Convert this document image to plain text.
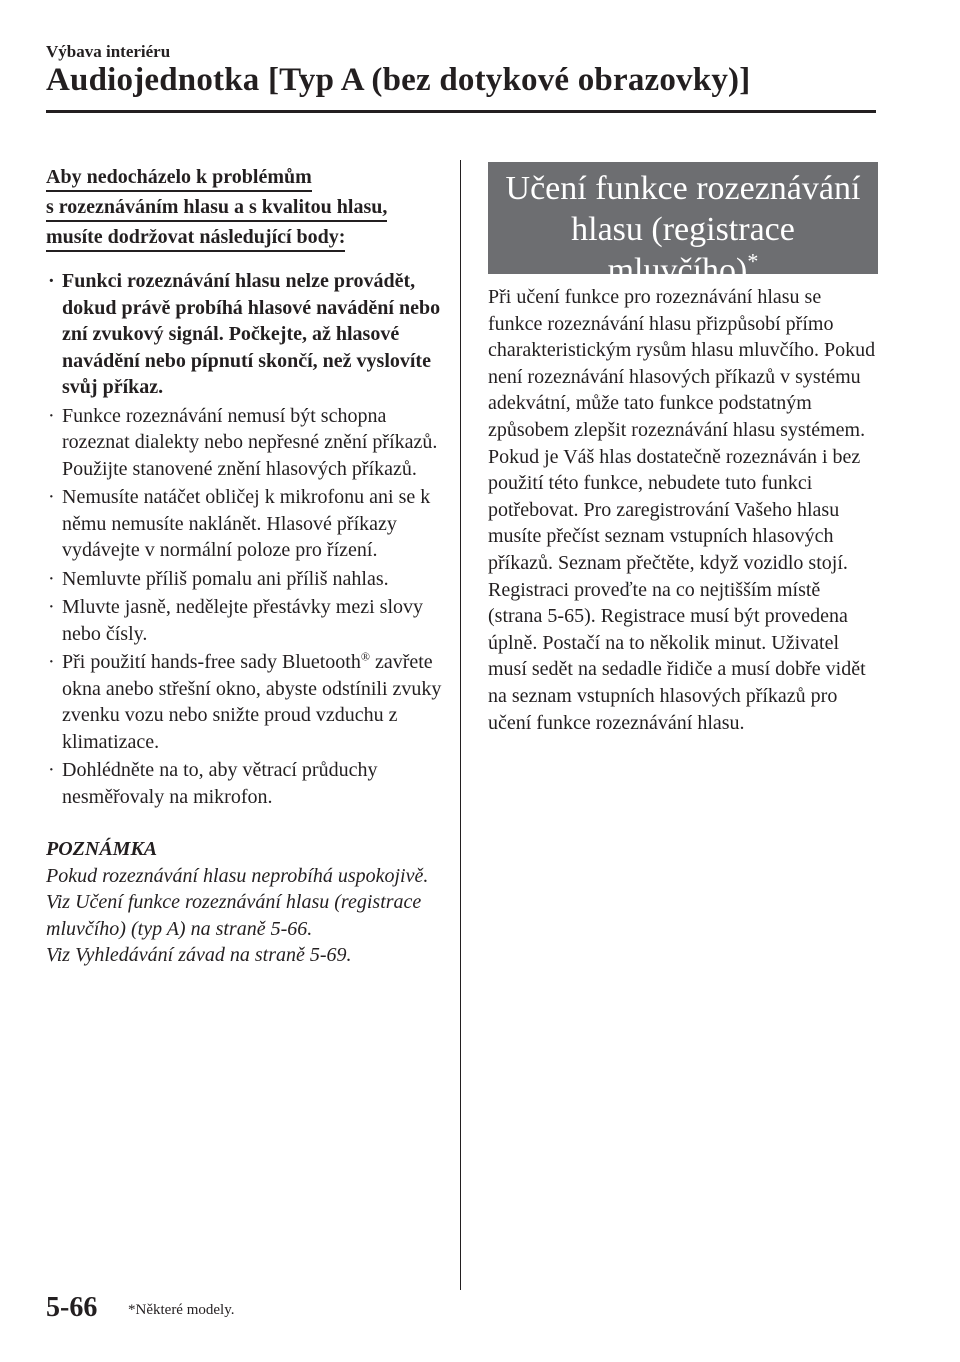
Výbava interiéru
Audiojednotka [Typ A (bez dotykové obrazovky)]
Aby nedocházelo k problémům
s rozeznáváním hlasu a s kvalitou hlasu,
musíte dodržovat následující body:
· Funkci rozeznávání hlasu nelze provádět, dokud právě probíhá hlasové navádění nebo zní zvukový signál. Počkejte, až hlasové navádění nebo pípnutí skončí, než vyslovíte svůj příkaz.
· Funkce rozeznávání nemusí být schopna rozeznat dialekty nebo nepřesné znění příkazů. Použijte stanovené znění hlasových příkazů.
· Nemusíte natáčet obličej k mikrofonu ani se k němu nemusíte naklánět. Hlasové příkazy vydávejte v normální poloze pro řízení.
· Nemluvte příliš pomalu ani příliš nahlas.
· Mluvte jasně, nedělejte přestávky mezi slovy nebo čísly.
· Při použití hands-free sady Bluetooth® zavřete okna anebo střešní okno, abyste odstínili zvuky zvenku vozu nebo snižte proud vzduchu z klimatizace.
· Dohlédněte na to, aby větrací průduchy nesměřovaly na mikrofon.
POZNÁMKA
Pokud rozeznávání hlasu neprobíhá uspokojivě.
Viz Učení funkce rozeznávání hlasu (registrace mluvčího) (typ A) na straně 5-66.
Viz Vyhledávání závad na straně 5-69.
Učení funkce rozeznávání hlasu (registrace mluvčího)*
Při učení funkce pro rozeznávání hlasu se funkce rozeznávání hlasu přizpůsobí přímo charakteristickým rysům hlasu mluvčího. Pokud není rozeznávání hlasových příkazů v systému adekvátní, může tato funkce podstatným způsobem zlepšit rozeznávání hlasu systémem. Pokud je Váš hlas dostatečně rozeznáván i bez použití této funkce, nebudete tuto funkci potřebovat. Pro zaregistrování Vašeho hlasu musíte přečíst seznam vstupních hlasových příkazů. Seznam přečtěte, když vozidlo stojí. Registraci proveďte na co nejtišším místě (strana 5-65). Registrace musí být provedena úplně. Postačí na to několik minut. Uživatel musí sedět na sedadle řidiče a musí dobře vidět na seznam vstupních hlasových příkazů pro učení funkce rozeznávání hlasu.
5-66 *Některé modely.
